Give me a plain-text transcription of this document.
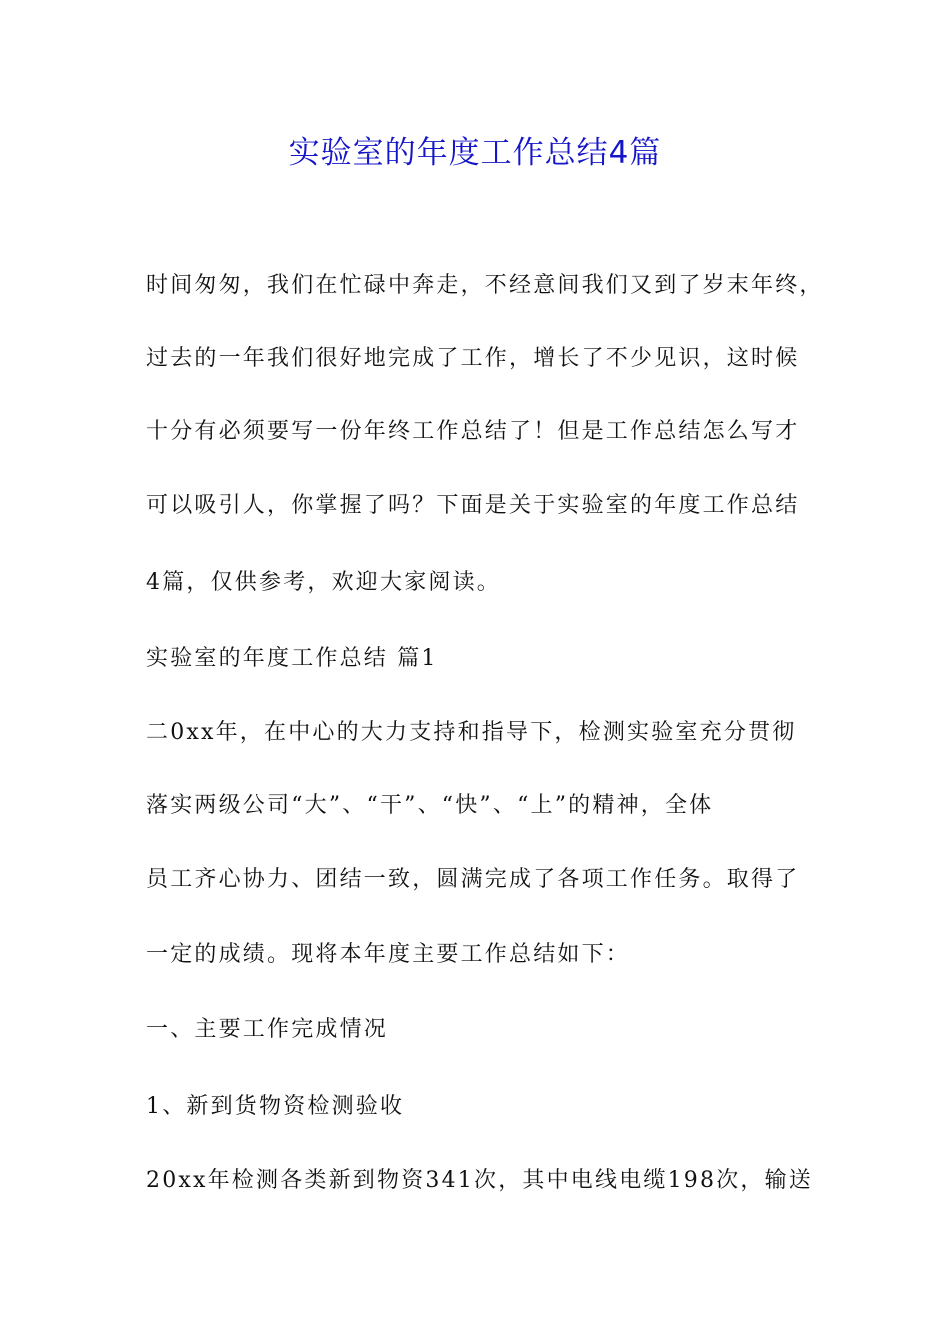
实验室的年度工作总结4篇

时间匆匆，我们在忙碌中奔走，不经意间我们又到了岁末年终，

过去的一年我们很好地完成了工作，增长了不少见识，这时候

十分有必须要写一份年终工作总结了！但是工作总结怎么写才

可以吸引人，你掌握了吗？下面是关于实验室的年度工作总结

4篇，仅供参考，欢迎大家阅读。

实验室的年度工作总结 篇1

二0xx年，在中心的大力支持和指导下，检测实验室充分贯彻

落实两级公司“大”、“干”、“快”、“上”的精神，全体

员工齐心协力、团结一致，圆满完成了各项工作任务。取得了

一定的成绩。现将本年度主要工作总结如下：

一、主要工作完成情况

1、新到货物资检测验收

20xx年检测各类新到物资341次，其中电线电缆198次，输送
